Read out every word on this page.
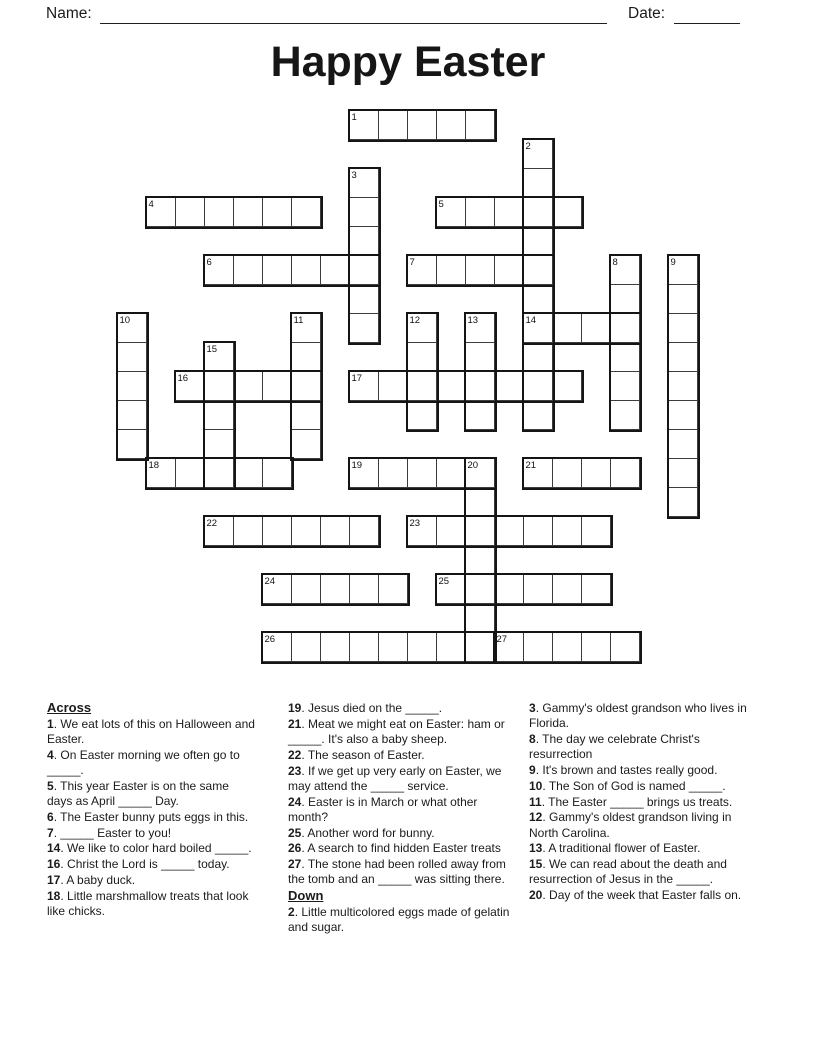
Name:	Date:
Happy Easter
1
2
14
3
4	5
6	7	8	9
10	11	12	13
15
16	17
18	19	20	21
22	23
24	25
26	27
Across
1. We eat lots of this on Halloween and Easter.
4. On Easter morning we often go to _____.
5. This year Easter is on the same days as April _____ Day.
6. The Easter bunny puts eggs in this.
7. _____ Easter to you!
14. We like to color hard boiled _____.
16. Christ the Lord is _____ today.
17. A baby duck.
18. Little marshmallow treats that look like chicks.
19. Jesus died on the _____.
21. Meat we might eat on Easter: ham or _____. It's also a baby sheep.
22. The season of Easter.
23. If we get up very early on Easter, we may attend the _____ service.
24. Easter is in March or what other month?
25. Another word for bunny.
26. A search to find hidden Easter treats
27. The stone had been rolled away from the tomb and an _____ was sitting there.
Down
2. Little multicolored eggs made of gelatin and sugar.
3. Gammy's oldest grandson who lives in Florida.
8. The day we celebrate Christ's resurrection
9. It's brown and tastes really good.
10. The Son of God is named _____.
11. The Easter _____ brings us treats.
12. Gammy's oldest grandson living in North Carolina.
13. A traditional flower of Easter.
15. We can read about the death and resurrection of Jesus in the _____.
20. Day of the week that Easter falls on.
